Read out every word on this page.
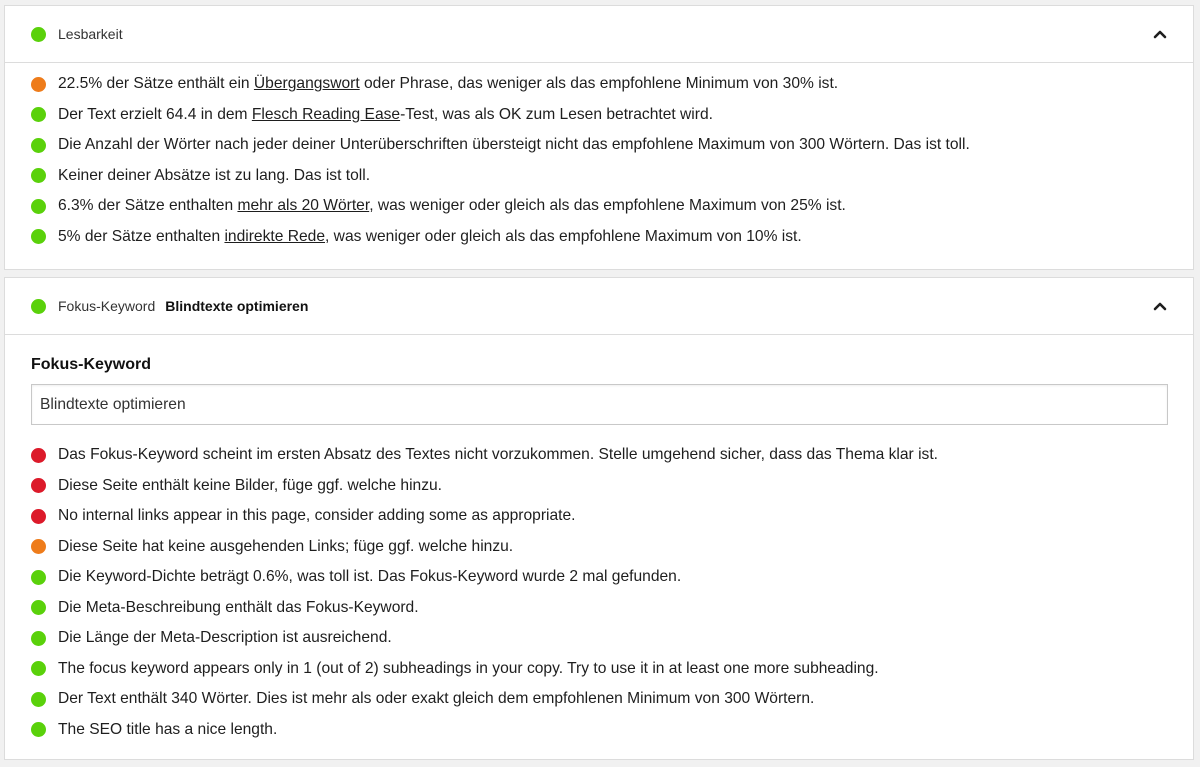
Lesbarkeit
22.5% der Sätze enthält ein Übergangswort oder Phrase, das weniger als das empfohlene Minimum von 30% ist.
Der Text erzielt 64.4 in dem Flesch Reading Ease-Test, was als OK zum Lesen betrachtet wird.
Die Anzahl der Wörter nach jeder deiner Unterüberschriften übersteigt nicht das empfohlene Maximum von 300 Wörtern. Das ist toll.
Keiner deiner Absätze ist zu lang. Das ist toll.
6.3% der Sätze enthalten mehr als 20 Wörter, was weniger oder gleich als das empfohlene Maximum von 25% ist.
5% der Sätze enthalten indirekte Rede, was weniger oder gleich als das empfohlene Maximum von 10% ist.
Fokus-Keyword Blindtexte optimieren
Fokus-Keyword
Blindtexte optimieren
Das Fokus-Keyword scheint im ersten Absatz des Textes nicht vorzukommen. Stelle umgehend sicher, dass das Thema klar ist.
Diese Seite enthält keine Bilder, füge ggf. welche hinzu.
No internal links appear in this page, consider adding some as appropriate.
Diese Seite hat keine ausgehenden Links; füge ggf. welche hinzu.
Die Keyword-Dichte beträgt 0.6%, was toll ist. Das Fokus-Keyword wurde 2 mal gefunden.
Die Meta-Beschreibung enthält das Fokus-Keyword.
Die Länge der Meta-Description ist ausreichend.
The focus keyword appears only in 1 (out of 2) subheadings in your copy. Try to use it in at least one more subheading.
Der Text enthält 340 Wörter. Dies ist mehr als oder exakt gleich dem empfohlenen Minimum von 300 Wörtern.
The SEO title has a nice length.
